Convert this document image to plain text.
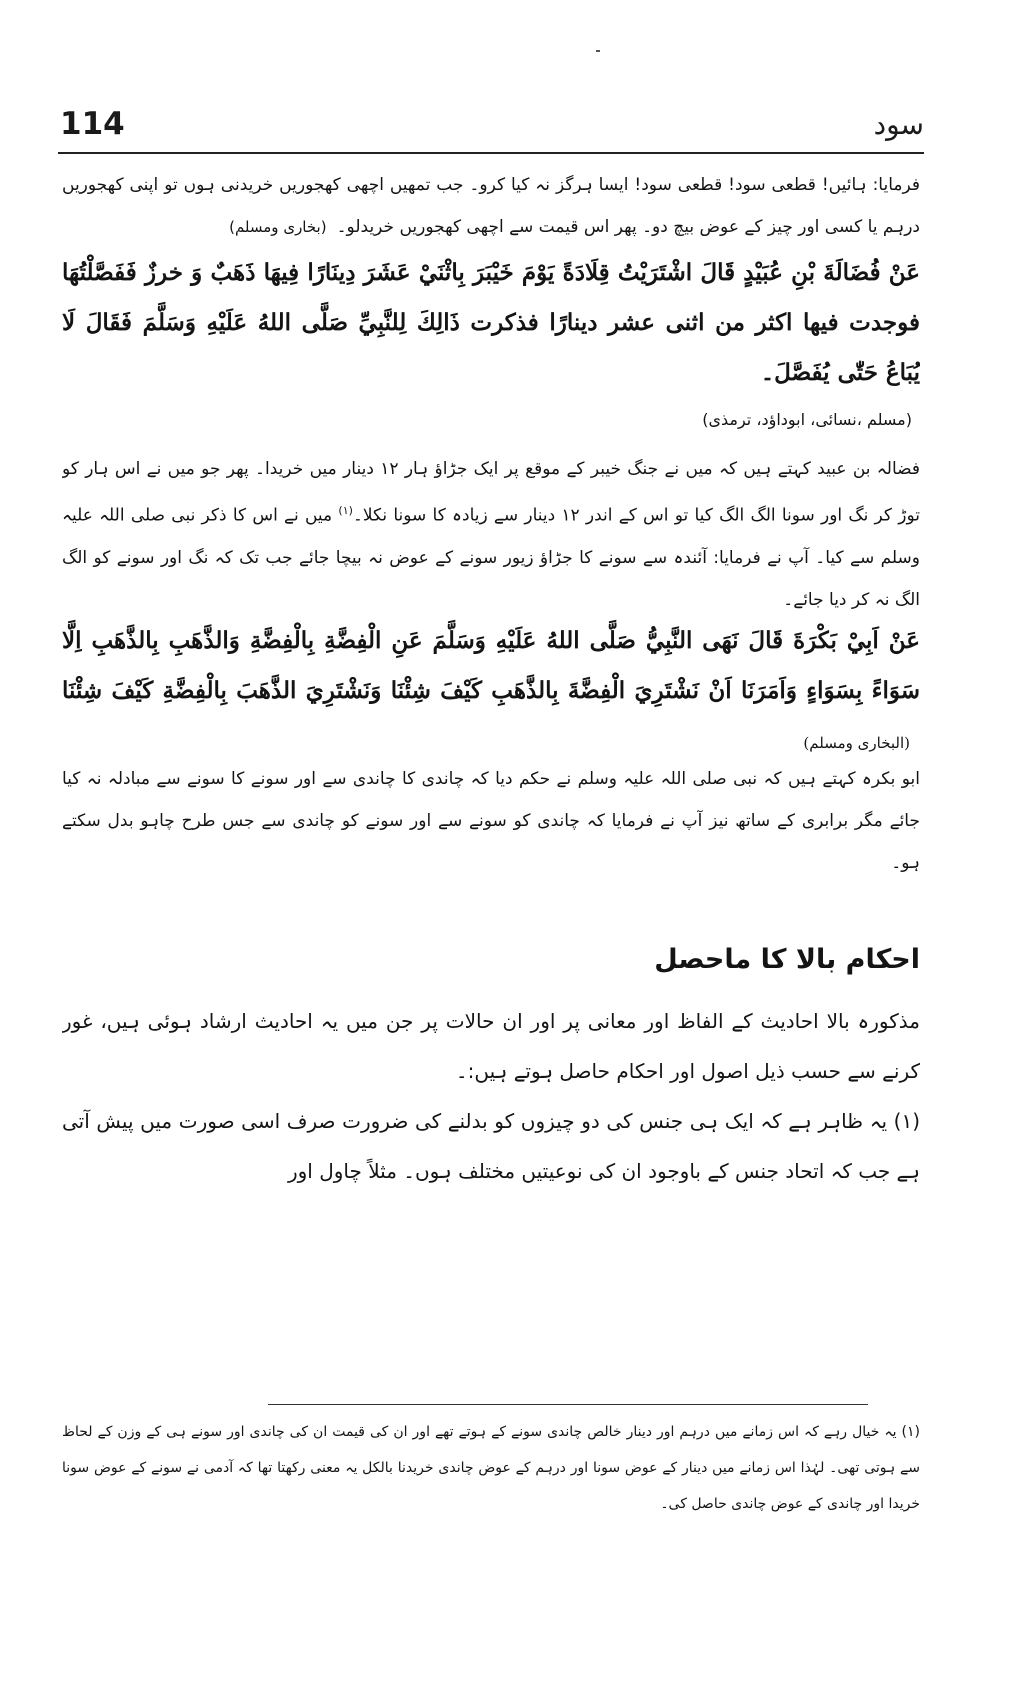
114	سود

فرمایا: ہائیں! قطعی سود! قطعی سود! ایسا ہرگز نہ کیا کرو۔ جب تمھیں اچھی کھجوریں خریدنی ہوں تو اپنی کھجوریں درہم یا کسی اور چیز کے عوض بیچ دو۔ پھر اس قیمت سے اچھی کھجوریں خریدلو۔(بخاری ومسلم)

عَنْ فُضَالَةَ بْنِ عُبَيْدٍ قَالَ اشْتَرَيْتُ قِلَادَةً يَوْمَ خَيْبَرَ بِاثْنَيْ عَشَرَ دِينَارًا فِيهَا ذَهَبٌ وَ خرزٌ فَفَصَّلْتُهَا فوجدت فيها اكثر من اثنى عشر دينارًا فذكرت ذَالِكَ لِلنَّبِيِّ صَلَّى اللهُ عَلَيْهِ وَسَلَّمَ فَقَالَ لَا يُبَاعُ حَتّٰى يُفَصَّلَ۔

(مسلم ،نسائی، ابوداؤد، ترمذی)

فضالہ بن عبید کہتے ہیں کہ میں نے جنگ خیبر کے موقع پر ایک جڑاؤ ہار ۱۲ دینار میں خریدا۔ پھر جو میں نے اس ہار کو توڑ کر نگ اور سونا الگ الگ کیا تو اس کے اندر ۱۲ دینار سے زیادہ کا سونا نکلا۔$^{(۱)}$ میں نے اس کا ذکر نبی صلی اللہ علیہ وسلم سے کیا۔ آپ نے فرمایا: آئندہ سے سونے کا جڑاؤ زیور سونے کے عوض نہ بیچا جائے جب تک کہ نگ اور سونے کو الگ الگ نہ کر دیا جائے۔

عَنْ اَبِيْ بَكْرَةَ قَالَ نَهَى النَّبِيُّ صَلَّى اللهُ عَلَيْهِ وَسَلَّمَ عَنِ الْفِضَّةِ بِالْفِضَّةِ وَالذَّهَبِ بِالذَّهَبِ اِلَّا سَوَاءً بِسَوَاءٍ وَاَمَرَنَا اَنْ نَشْتَرِيَ الْفِضَّةَ بِالذَّهَبِ كَيْفَ شِئْنَا وَنَشْتَرِيَ الذَّهَبَ بِالْفِضَّةِ كَيْفَ شِئْنَا (البخاری ومسلم)

ابو بکرہ کہتے ہیں کہ نبی صلی اللہ علیہ وسلم نے حکم دیا کہ چاندی کا چاندی سے اور سونے کا سونے سے مبادلہ نہ کیا جائے مگر برابری کے ساتھ نیز آپ نے فرمایا کہ چاندی کو سونے سے اور سونے کو چاندی سے جس طرح چاہو بدل سکتے ہو۔

احکام بالا کا ماحصل

مذکورہ بالا احادیث کے الفاظ اور معانی پر اور ان حالات پر جن میں یہ احادیث ارشاد ہوئی ہیں، غور کرنے سے حسب ذیل اصول اور احکام حاصل ہوتے ہیں:۔

(۱) یہ ظاہر ہے کہ ایک ہی جنس کی دو چیزوں کو بدلنے کی ضرورت صرف اسی صورت میں پیش آتی ہے جب کہ اتحاد جنس کے باوجود ان کی نوعیتیں مختلف ہوں۔ مثلاً چاول اور

(۱) یہ خیال رہے کہ اس زمانے میں درہم اور دینار خالص چاندی سونے کے ہوتے تھے اور ان کی قیمت ان کی چاندی اور سونے ہی کے وزن کے لحاظ سے ہوتی تھی۔ لہٰذا اس زمانے میں دینار کے عوض سونا اور درہم کے عوض چاندی خریدنا بالکل یہ معنی رکھتا تھا کہ آدمی نے سونے کے عوض سونا خریدا اور چاندی کے عوض چاندی حاصل کی۔
